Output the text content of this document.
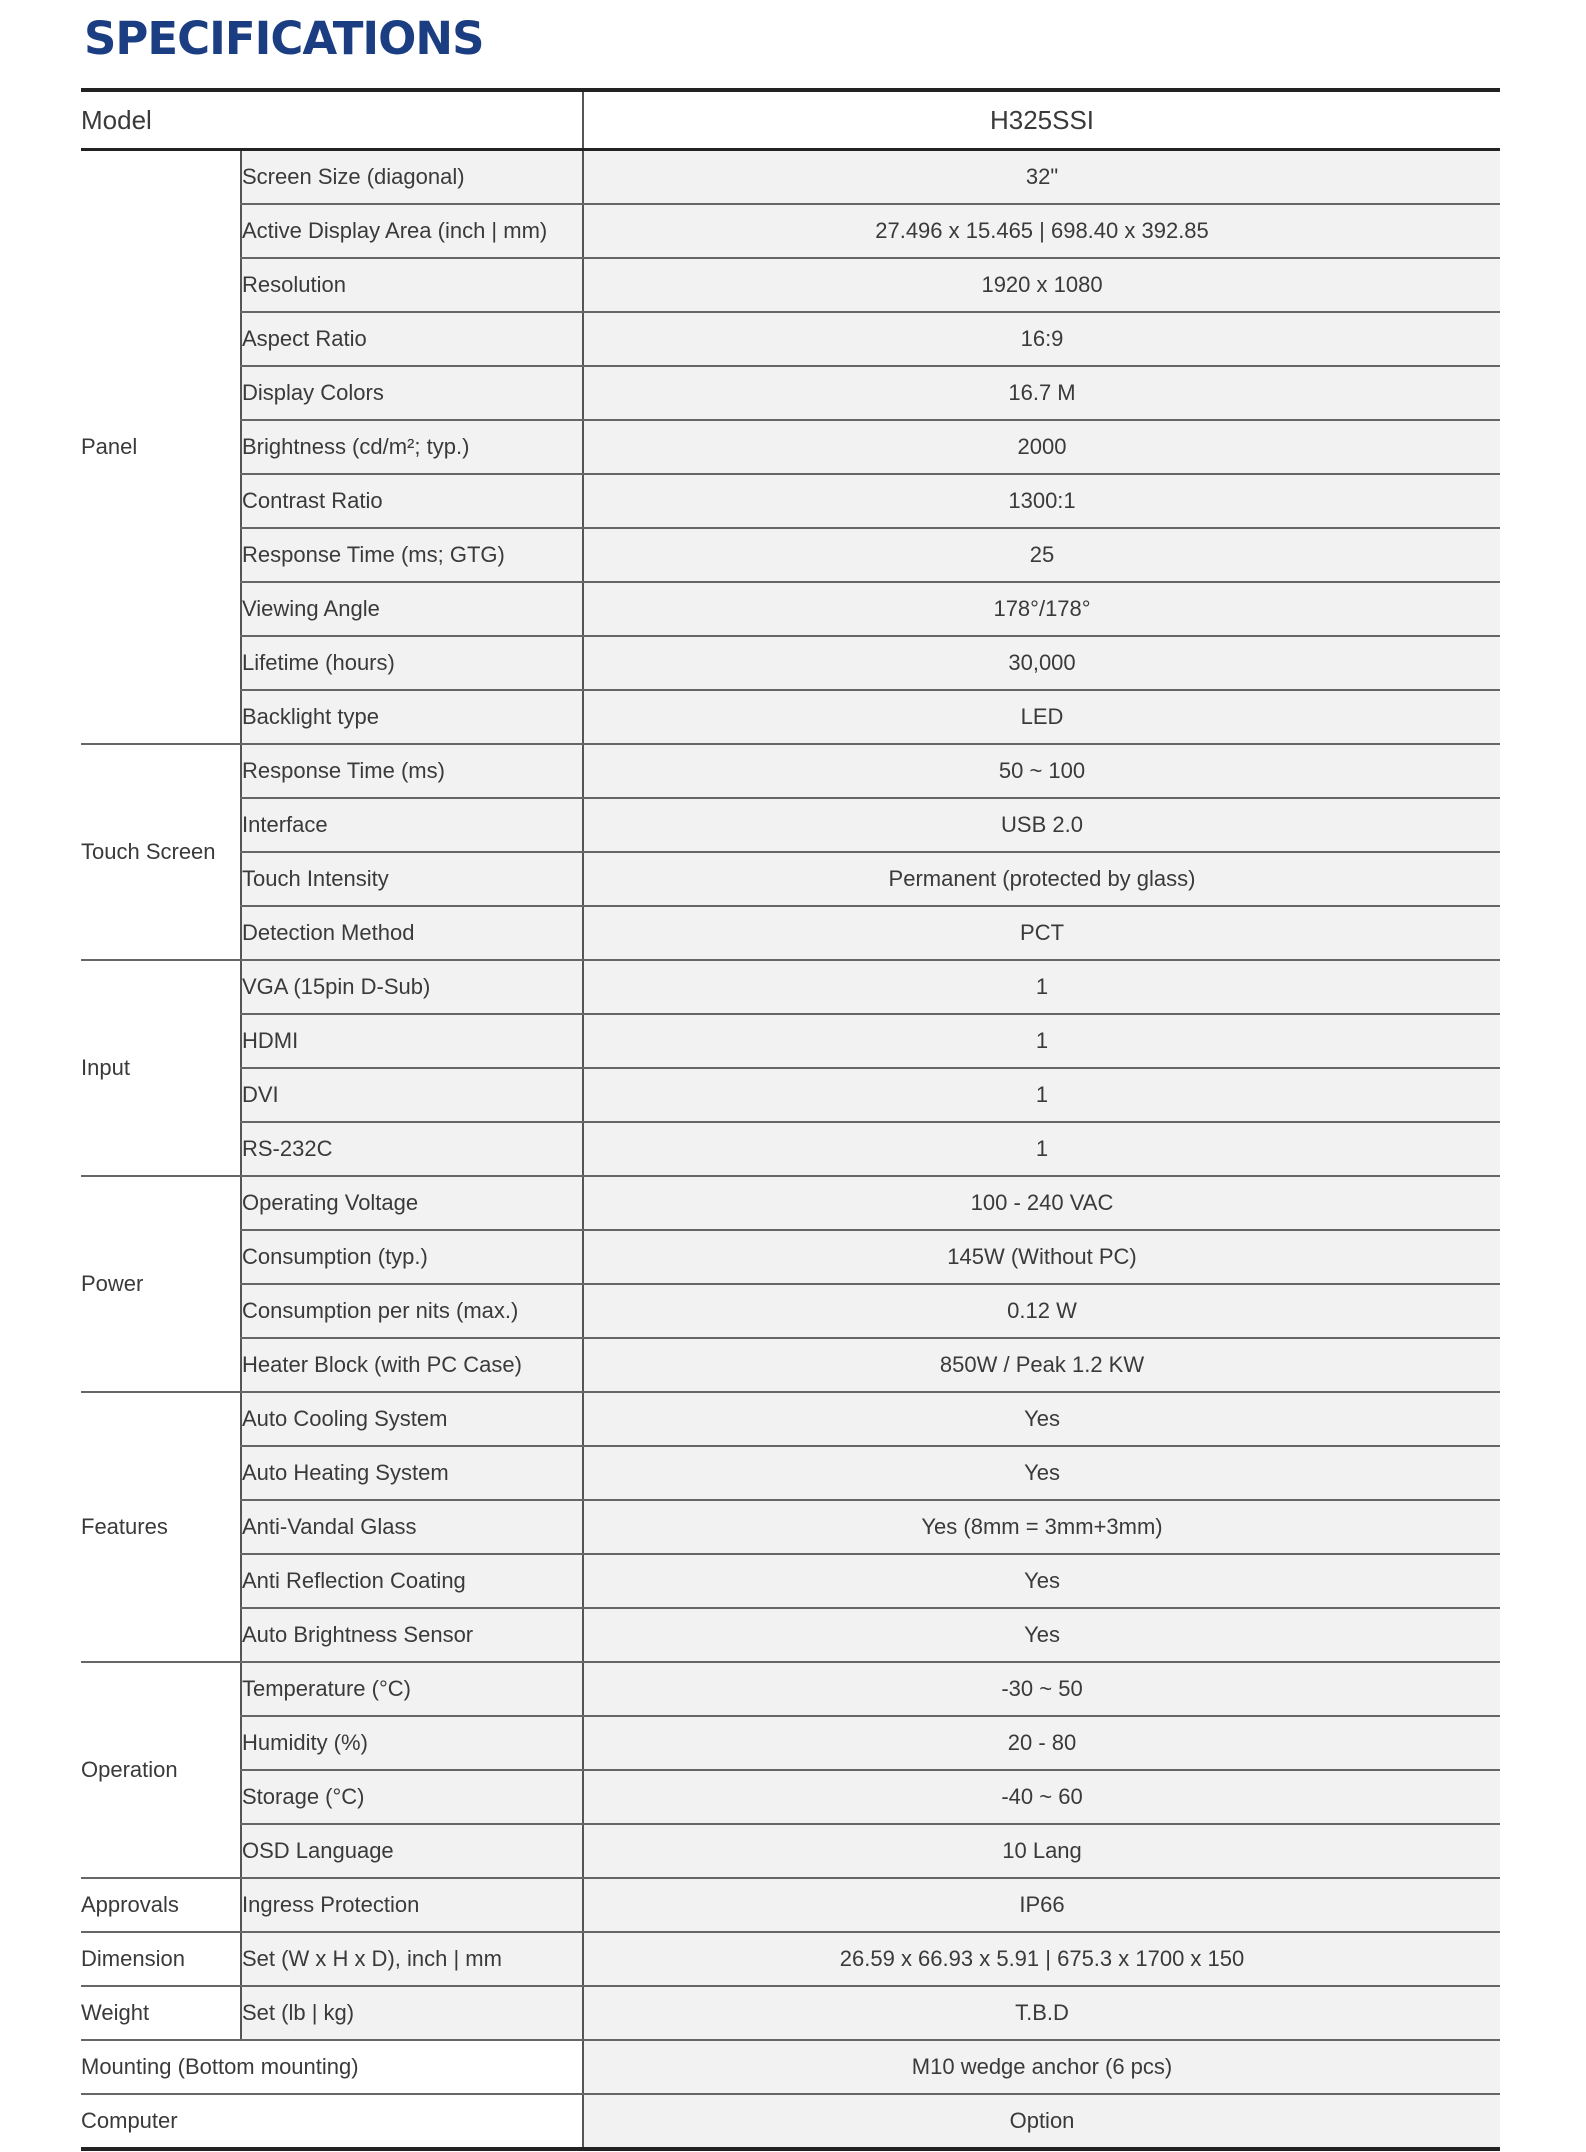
SPECIFICATIONS
Model		H325SSI
Panel	Screen Size (diagonal)	32"
	Active Display Area (inch | mm)	27.496 x 15.465 | 698.40 x 392.85
	Resolution	1920 x 1080
	Aspect Ratio	16:9
	Display Colors	16.7 M
	Brightness (cd/m²; typ.)	2000
	Contrast Ratio	1300:1
	Response Time (ms; GTG)	25
	Viewing Angle	178°/178°
	Lifetime (hours)	30,000
	Backlight type	LED
Touch Screen	Response Time (ms)	50 ~ 100
	Interface	USB 2.0
	Touch Intensity	Permanent (protected by glass)
	Detection Method	PCT
Input	VGA (15pin D-Sub)	1
	HDMI	1
	DVI	1
	RS-232C	1
Power	Operating Voltage	100 - 240 VAC
	Consumption (typ.)	145W (Without PC)
	Consumption per nits (max.)	0.12 W
	Heater Block (with PC Case)	850W / Peak 1.2 KW
Features	Auto Cooling System	Yes
	Auto Heating System	Yes
	Anti-Vandal Glass	Yes (8mm = 3mm+3mm)
	Anti Reflection Coating	Yes
	Auto Brightness Sensor	Yes
Operation	Temperature (°C)	-30 ~ 50
	Humidity (%)	20 - 80
	Storage (°C)	-40 ~ 60
	OSD Language	10 Lang
Approvals	Ingress Protection	IP66
Dimension	Set (W x H x D), inch | mm	26.59 x 66.93 x 5.91 | 675.3 x 1700 x 150
Weight	Set (lb | kg)	T.B.D
Mounting (Bottom mounting)		M10 wedge anchor (6 pcs)
Computer		Option
